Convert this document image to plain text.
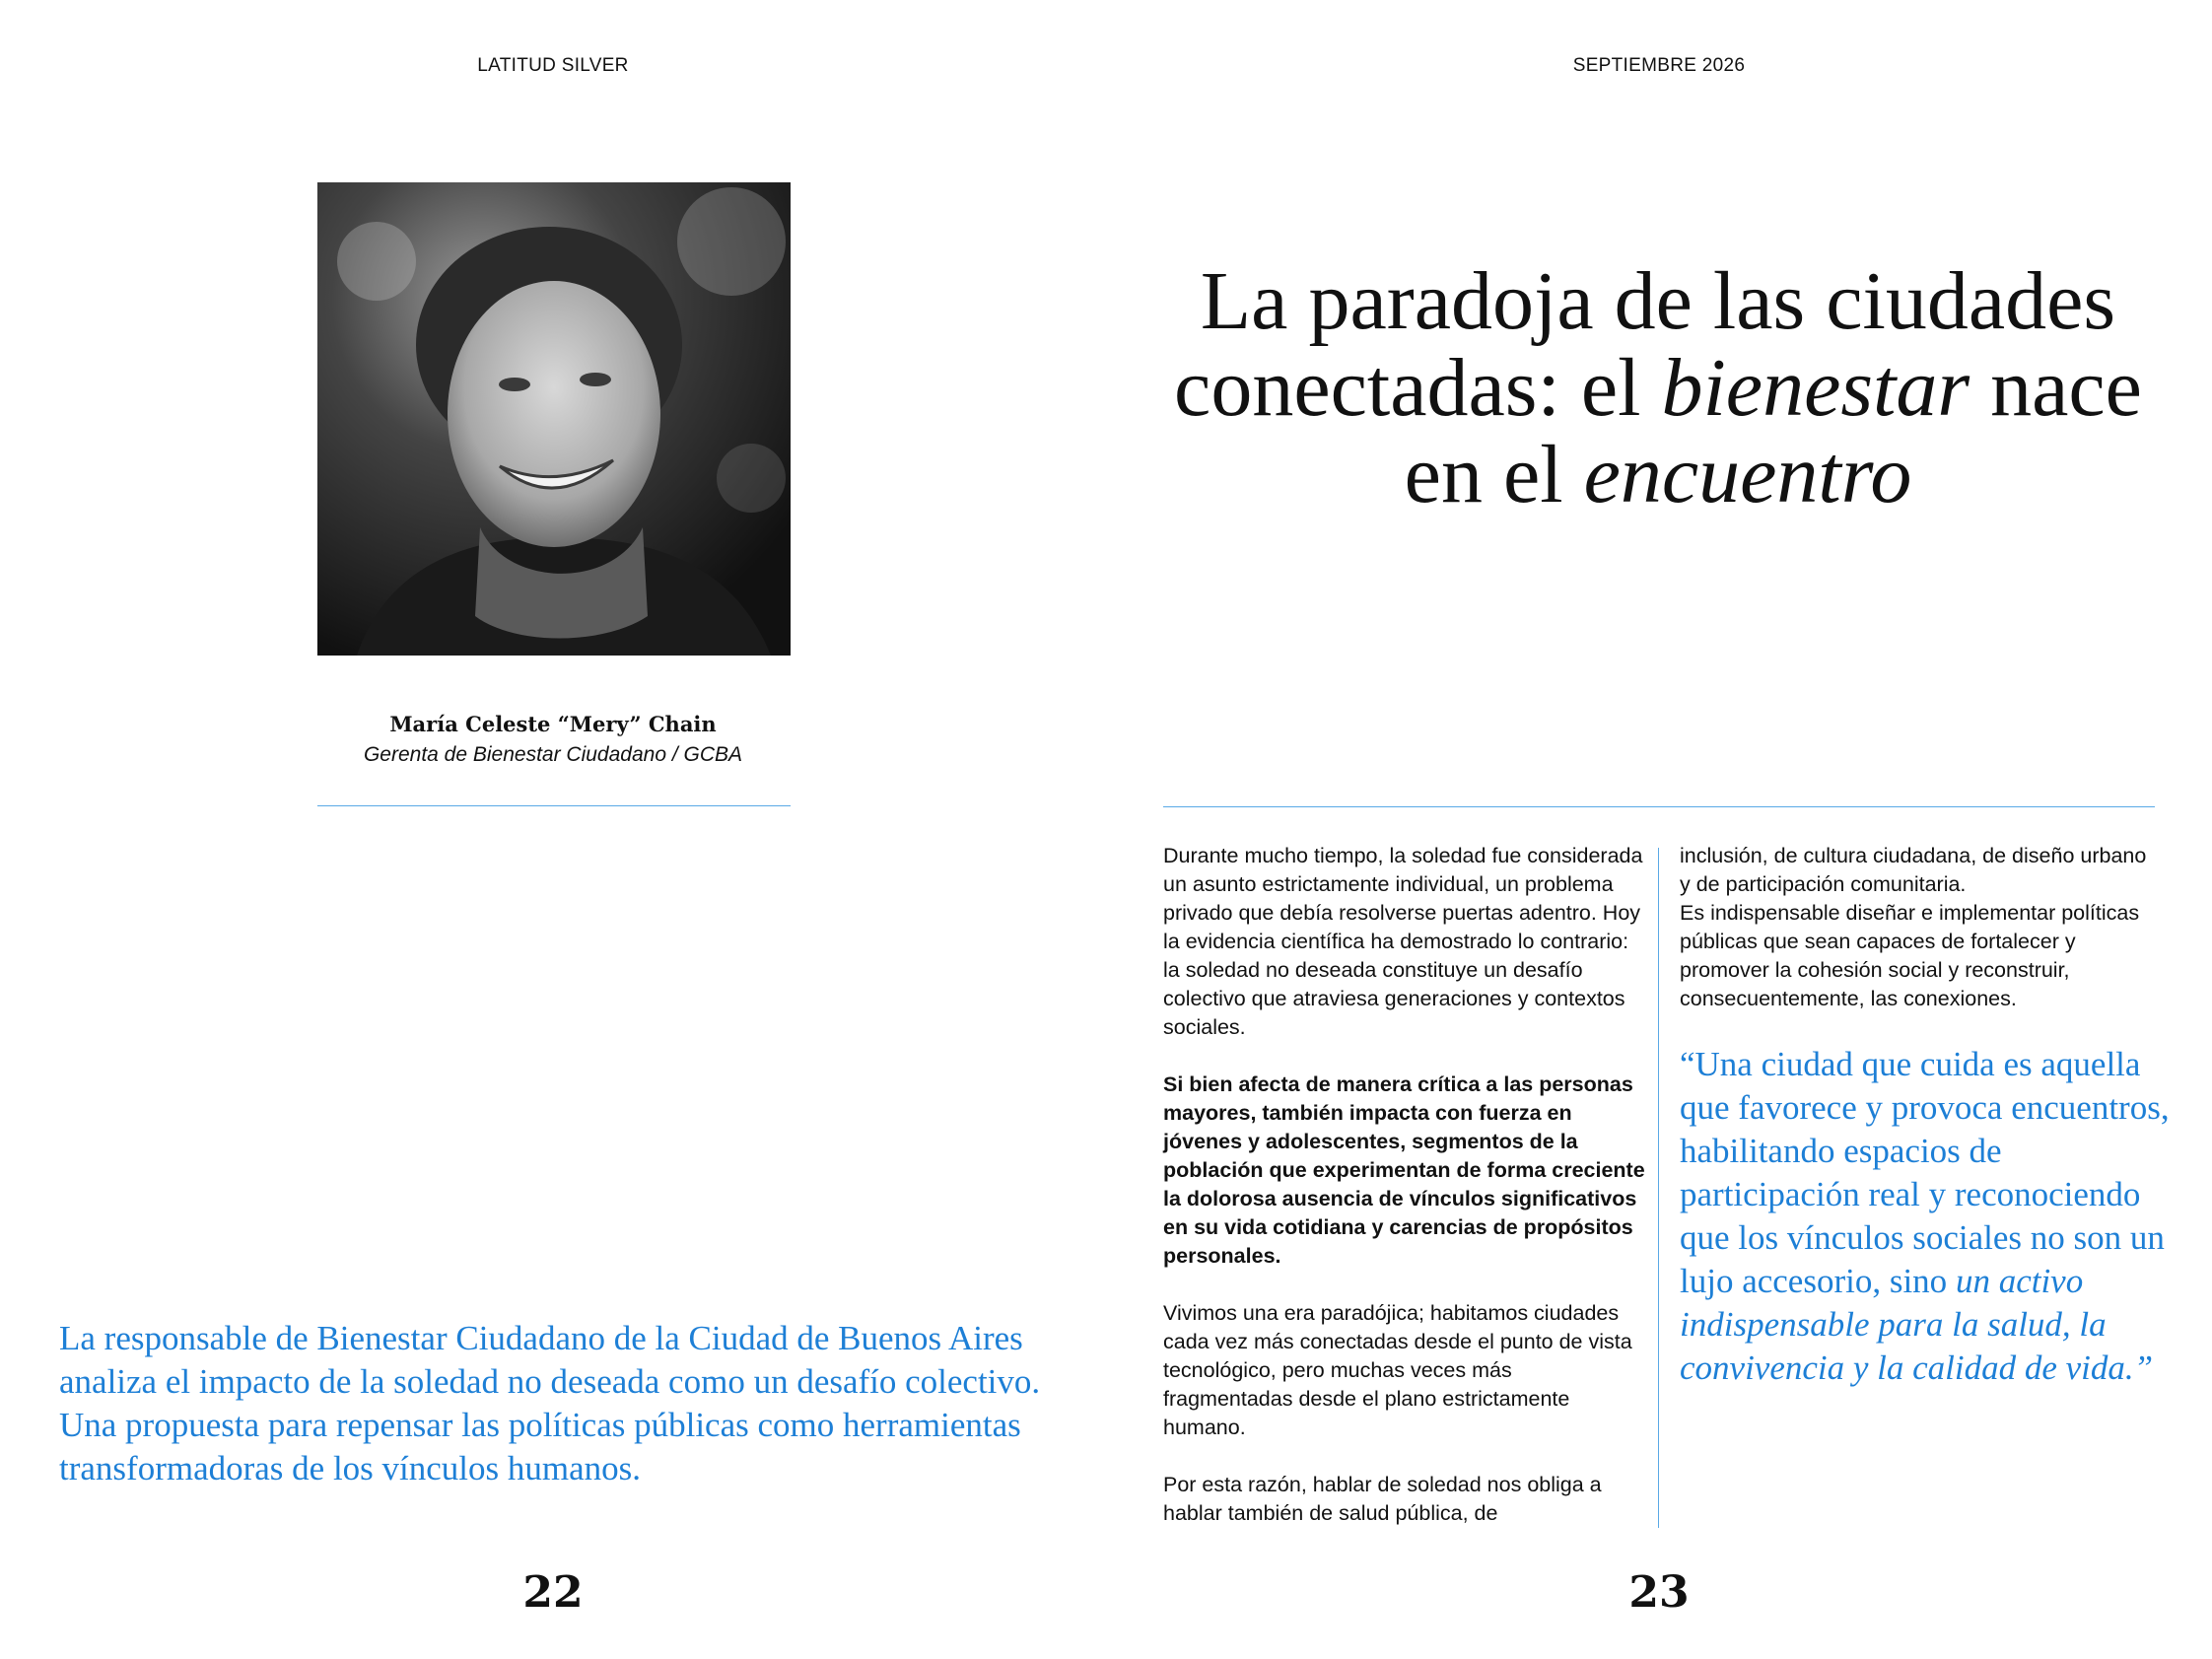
LATITUD SILVER
María Celeste “Mery” Chain
Gerenta de Bienestar Ciudadano / GCBA
La responsable de Bienestar Ciudadano de la Ciudad de Buenos Aires analiza el impacto de la soledad no deseada como un desafío colectivo. Una propuesta para repensar las políticas públicas como herramientas transformadoras de los vínculos humanos.
22
SEPTIEMBRE 2026
La paradoja de las ciudades conectadas: el bienestar nace en el encuentro

Durante mucho tiempo, la soledad fue considerada un asunto estrictamente individual, un problema privado que debía resolverse puertas adentro. Hoy la evidencia científica ha demostrado lo contrario: la soledad no deseada constituye un desafío colectivo que atraviesa generaciones y contextos sociales.

Si bien afecta de manera crítica a las personas mayores, también impacta con fuerza en jóvenes y adolescentes, segmentos de la población que experimentan de forma creciente la dolorosa ausencia de vínculos significativos en su vida cotidiana y carencias de propósitos personales.

Vivimos una era paradójica; habitamos ciudades cada vez más conectadas desde el punto de vista tecnológico, pero muchas veces más fragmentadas desde el plano estrictamente humano.

Por esta razón, hablar de soledad nos obliga a hablar también de salud pública, de

inclusión, de cultura ciudadana, de diseño urbano y de participación comunitaria.

Es indispensable diseñar e implementar políticas públicas que sean capaces de fortalecer y promover la cohesión social y reconstruir, consecuentemente, las conexiones.

“Una ciudad que cuida es aquella que favorece y provoca encuentros, habilitando espacios de participación real y reconociendo que los vínculos sociales no son un lujo accesorio, sino un activo indispensable para la salud, la convivencia y la calidad de vida.”
23
